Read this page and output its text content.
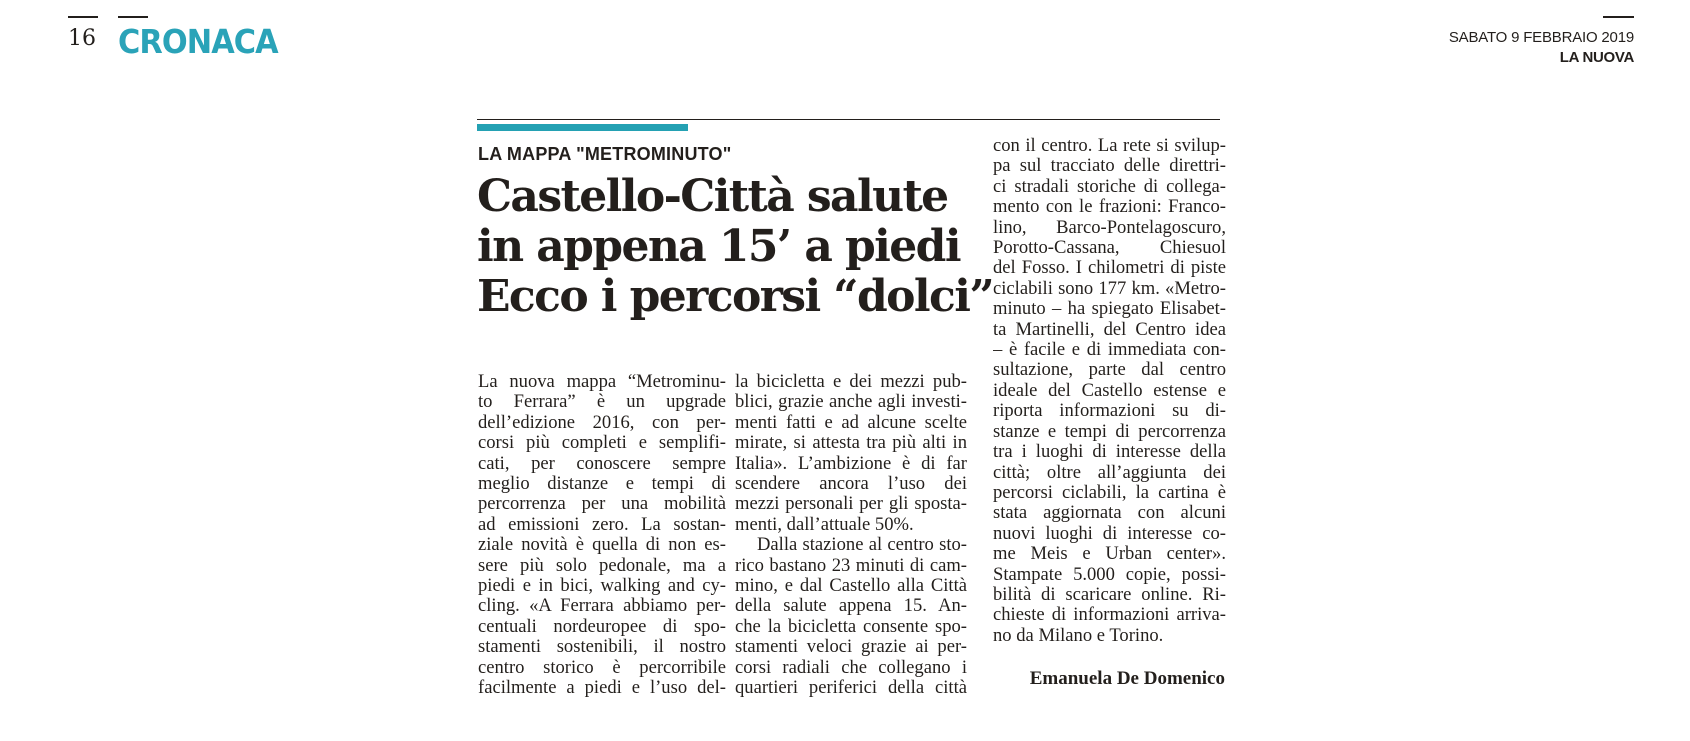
16 CRONACA	SABATO 9 FEBBRAIO 2019
LA NUOVA
LA MAPPA "METROMINUTO"
Castello-Città salute
in appena 15’ a piedi
Ecco i percorsi “dolci”
La nuova mappa “Metrominu-
to Ferrara” è un upgrade
dell’edizione 2016, con per-
corsi più completi e semplifi-
cati, per conoscere sempre
meglio distanze e tempi di
percorrenza per una mobilità
ad emissioni zero. La sostan-
ziale novità è quella di non es-
sere più solo pedonale, ma a
piedi e in bici, walking and cy-
cling. «A Ferrara abbiamo per-
centuali nordeuropee di spo-
stamenti sostenibili, il nostro
centro storico è percorribile
facilmente a piedi e l’uso del-
la bicicletta e dei mezzi pub-
blici, grazie anche agli investi-
menti fatti e ad alcune scelte
mirate, si attesta tra più alti in
Italia». L’ambizione è di far
scendere ancora l’uso dei
mezzi personali per gli sposta-
menti, dall’attuale 50%.
Dalla stazione al centro sto-
rico bastano 23 minuti di cam-
mino, e dal Castello alla Città
della salute appena 15. An-
che la bicicletta consente spo-
stamenti veloci grazie ai per-
corsi radiali che collegano i
quartieri periferici della città
con il centro. La rete si svilup-
pa sul tracciato delle direttri-
ci stradali storiche di collega-
mento con le frazioni: Franco-
lino, Barco-Pontelagoscuro,
Porotto-Cassana, Chiesuol
del Fosso. I chilometri di piste
ciclabili sono 177 km. «Metro-
minuto – ha spiegato Elisabet-
ta Martinelli, del Centro idea
– è facile e di immediata con-
sultazione, parte dal centro
ideale del Castello estense e
riporta informazioni su di-
stanze e tempi di percorrenza
tra i luoghi di interesse della
città; oltre all’aggiunta dei
percorsi ciclabili, la cartina è
stata aggiornata con alcuni
nuovi luoghi di interesse co-
me Meis e Urban center».
Stampate 5.000 copie, possi-
bilità di scaricare online. Ri-
chieste di informazioni arriva-
no da Milano e Torino.
Emanuela De Domenico
